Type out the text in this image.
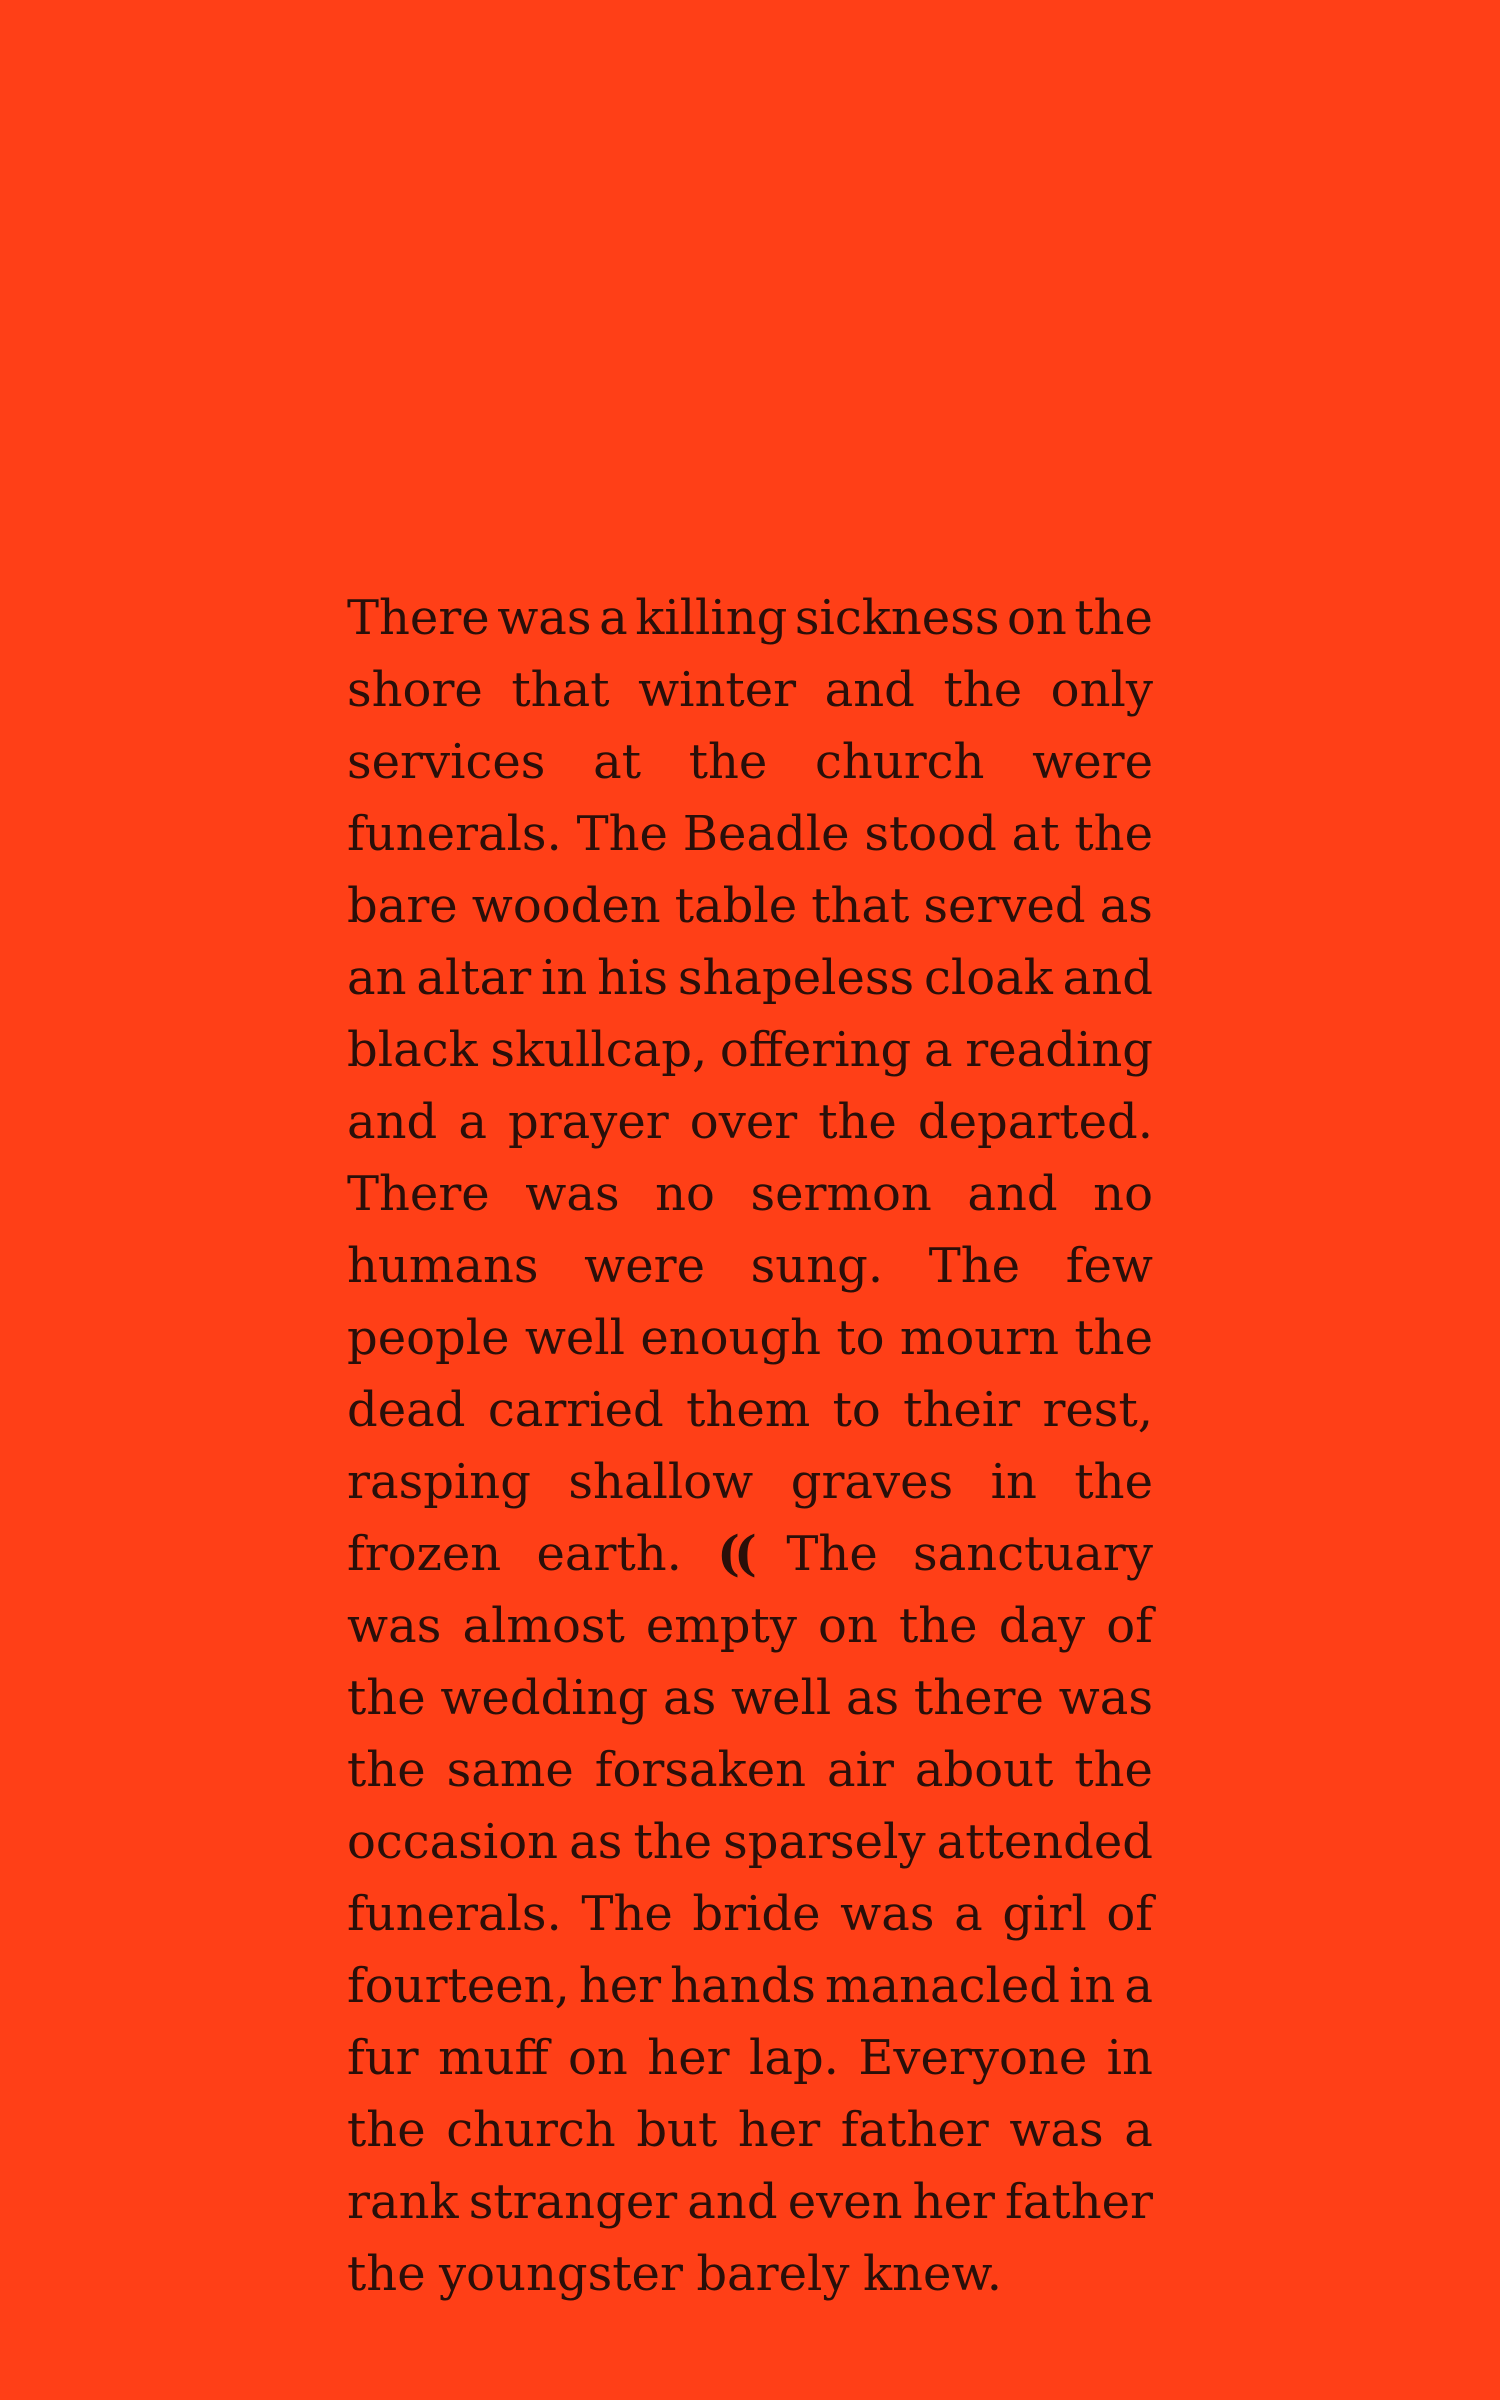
There was a killing sickness on the
shore that winter and the only
services at the church were
funerals. The Beadle stood at the
bare wooden table that served as
an altar in his shapeless cloak and
black skullcap, offering a reading
and a prayer over the departed.
There was no sermon and no
humans were sung. The few
people well enough to mourn the
dead carried them to their rest,
rasping shallow graves in the
frozen earth. (( The sanctuary
was almost empty on the day of
the wedding as well as there was
the same forsaken air about the
occasion as the sparsely attended
funerals. The bride was a girl of
fourteen, her hands manacled in a
fur muff on her lap. Everyone in
the church but her father was a
rank stranger and even her father
the youngster barely knew.
